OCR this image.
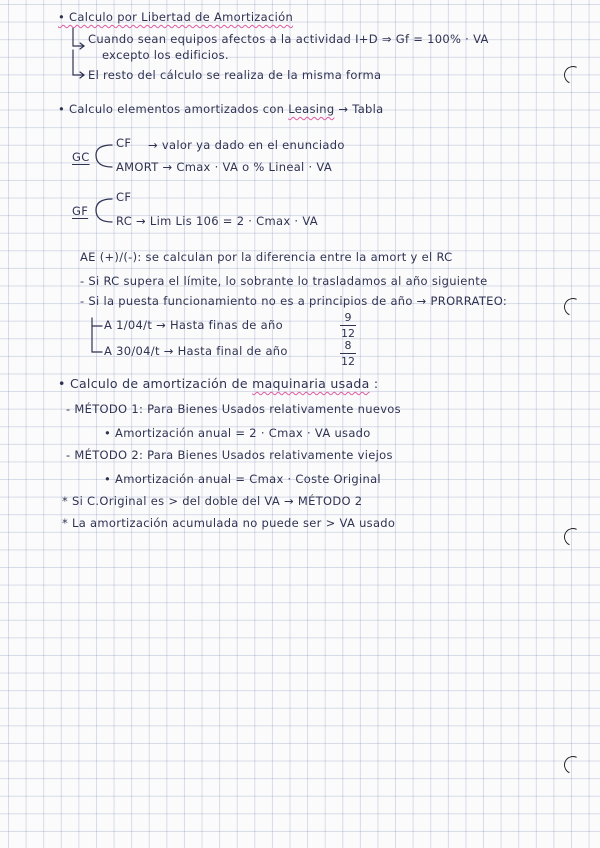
• Calculo por Libertad de Amortización
Cuando sean equipos afectos a la actividad I+D ⇒ Gf = 100% · VA
excepto los edificios.
El resto del cálculo se realiza de la misma forma
• Calculo elementos amortizados con Leasing → Tabla
GC
CF → valor ya dado en el enunciado
AMORT → Cmax · VA o % Lineal · VA
GF
CF
RC → Lim Lis 106 = 2 · Cmax · VA
AE (+)/(-): se calculan por la diferencia entre la amort y el RC
- Si RC supera el límite, lo sobrante lo trasladamos al año siguiente
- Si la puesta funcionamiento no es a principios de año → PRORRATEO:
A 1/04/t → Hasta finas de año	$\frac{9}{12}$
A 30/04/t → Hasta final de año	$\frac{8}{12}$
• Calculo de amortización de maquinaria usada :
- MÉTODO 1: Para Bienes Usados relativamente nuevos
• Amortización anual = 2 · Cmax · VA usado
- MÉTODO 2: Para Bienes Usados relativamente viejos
• Amortización anual = Cmax · Coste Original
* Si C.Original es > del doble del VA → MÉTODO 2
* La amortización acumulada no puede ser > VA usado
